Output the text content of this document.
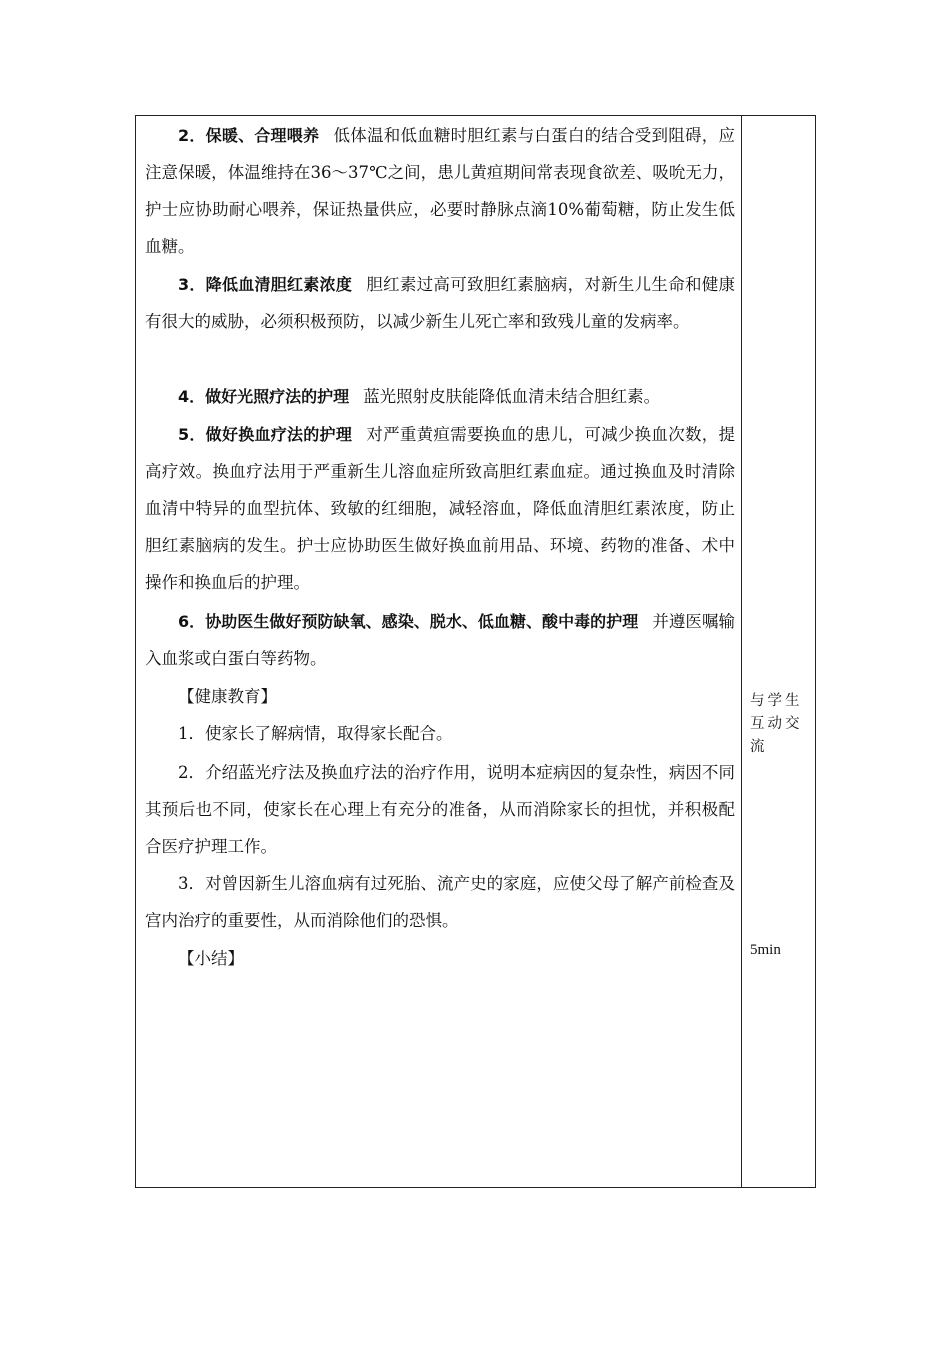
2．保暖、合理喂养 低体温和低血糖时胆红素与白蛋白的结合受到阻碍，应注意保暖，体温维持在36～37℃之间，患儿黄疸期间常表现食欲差、吸吮无力，护士应协助耐心喂养，保证热量供应，必要时静脉点滴10%葡萄糖，防止发生低血糖。

3．降低血清胆红素浓度 胆红素过高可致胆红素脑病，对新生儿生命和健康有很大的威胁，必须积极预防，以减少新生儿死亡率和致残儿童的发病率。

4．做好光照疗法的护理 蓝光照射皮肤能降低血清未结合胆红素。

5．做好换血疗法的护理 对严重黄疸需要换血的患儿，可减少换血次数，提高疗效。换血疗法用于严重新生儿溶血症所致高胆红素血症。通过换血及时清除血清中特异的血型抗体、致敏的红细胞，减轻溶血，降低血清胆红素浓度，防止胆红素脑病的发生。护士应协助医生做好换血前用品、环境、药物的准备、术中操作和换血后的护理。

6．协助医生做好预防缺氧、感染、脱水、低血糖、酸中毒的护理 并遵医嘱输入血浆或白蛋白等药物。

【健康教育】

1．使家长了解病情，取得家长配合。

2．介绍蓝光疗法及换血疗法的治疗作用，说明本症病因的复杂性，病因不同其预后也不同，使家长在心理上有充分的准备，从而消除家长的担忧，并积极配合医疗护理工作。

3．对曾因新生儿溶血病有过死胎、流产史的家庭，应使父母了解产前检查及宫内治疗的重要性，从而消除他们的恐惧。

【小结】

与学生互动交流

5min
